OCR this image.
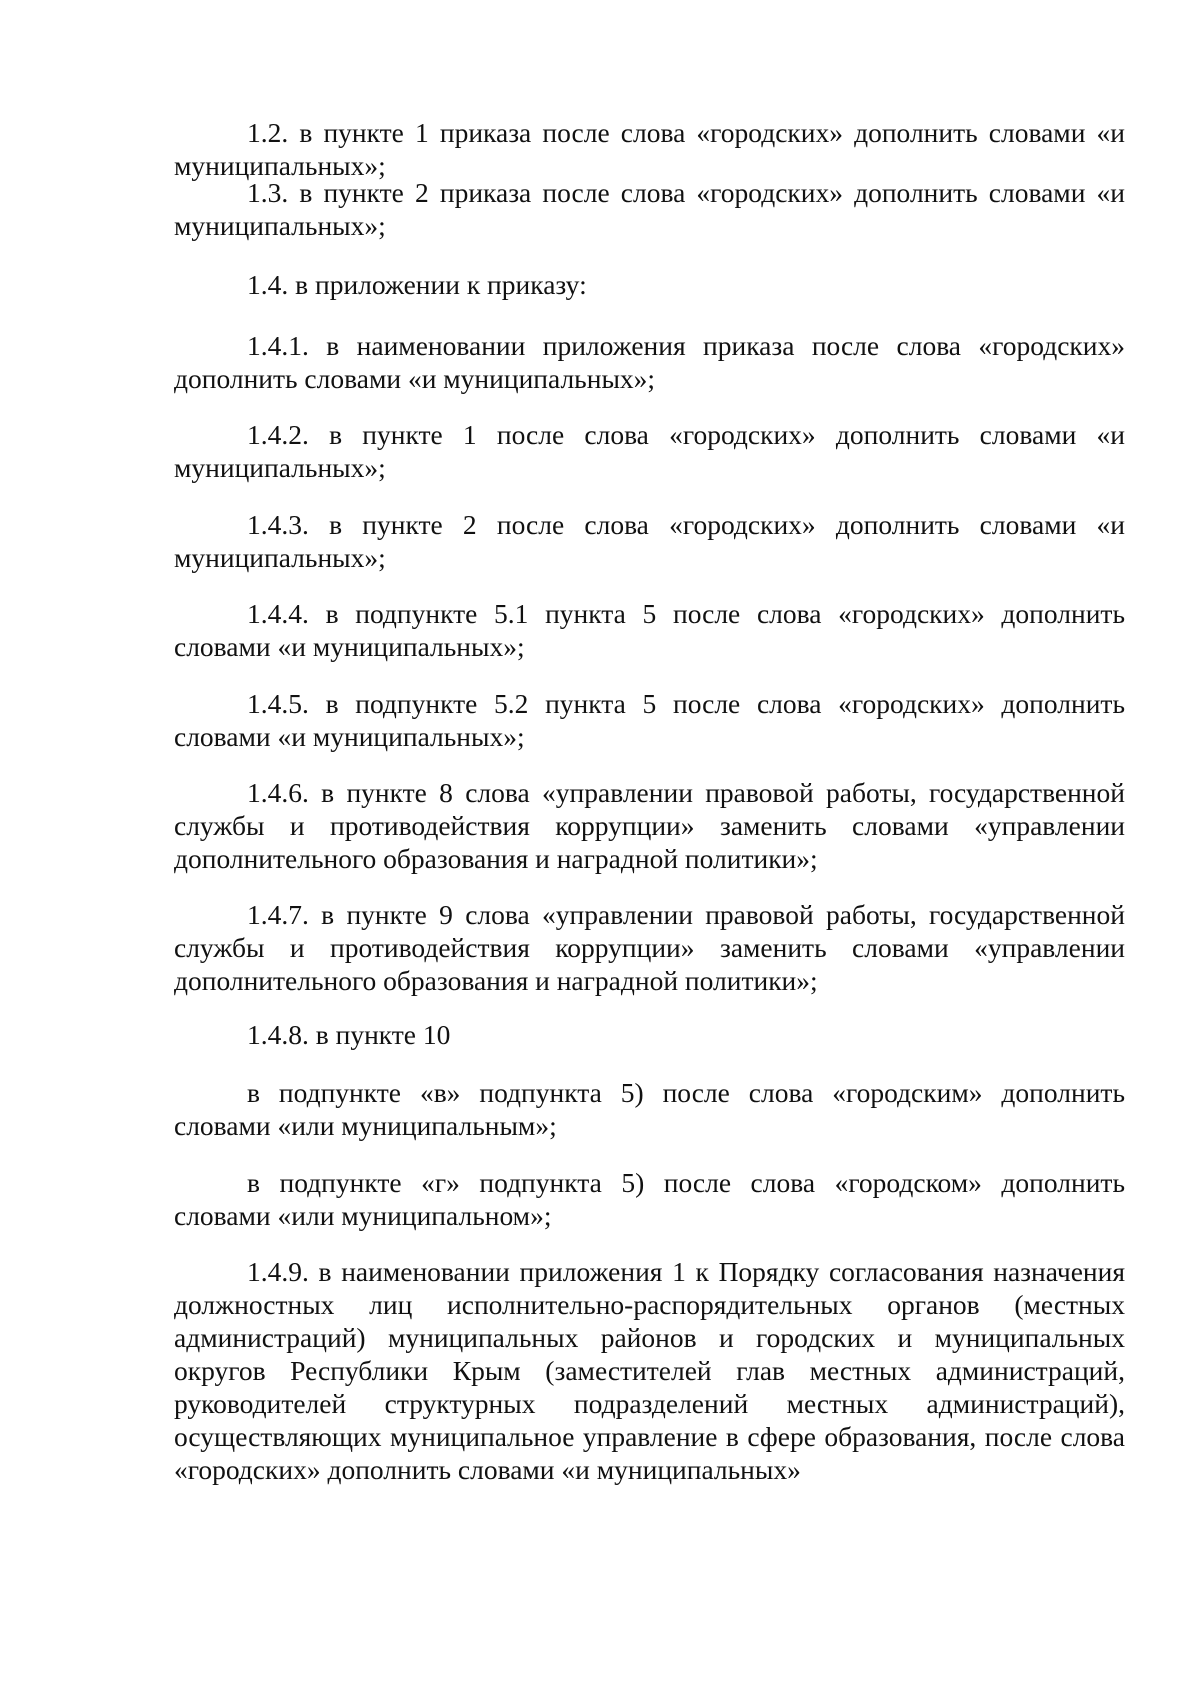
1.2. в пункте 1 приказа после слова «городских» дополнить словами «и муниципальных»;

1.3. в пункте 2 приказа после слова «городских» дополнить словами «и муниципальных»;

1.4. в приложении к приказу:

1.4.1. в наименовании приложения приказа после слова «городских» дополнить словами «и муниципальных»;

1.4.2. в пункте 1 после слова «городских» дополнить словами «и муниципальных»;

1.4.3. в пункте 2 после слова «городских» дополнить словами «и муниципальных»;

1.4.4. в подпункте 5.1 пункта 5 после слова «городских» дополнить словами «и муниципальных»;

1.4.5. в подпункте 5.2 пункта 5 после слова «городских» дополнить словами «и муниципальных»;

1.4.6. в пункте 8 слова «управлении правовой работы, государственной службы и противодействия коррупции» заменить словами «управлении дополнительного образования и наградной политики»;

1.4.7. в пункте 9 слова «управлении правовой работы, государственной службы и противодействия коррупции» заменить словами «управлении дополнительного образования и наградной политики»;

1.4.8. в пункте 10

в подпункте «в» подпункта 5) после слова «городским» дополнить словами «или муниципальным»;

в подпункте «г» подпункта 5) после слова «городском» дополнить словами «или муниципальном»;

1.4.9. в наименовании приложения 1 к Порядку согласования назначения должностных лиц исполнительно-распорядительных органов (местных администраций) муниципальных районов и городских и муниципальных округов Республики Крым (заместителей глав местных администраций, руководителей структурных подразделений местных администраций), осуществляющих муниципальное управление в сфере образования, после слова «городских» дополнить словами «и муниципальных»
